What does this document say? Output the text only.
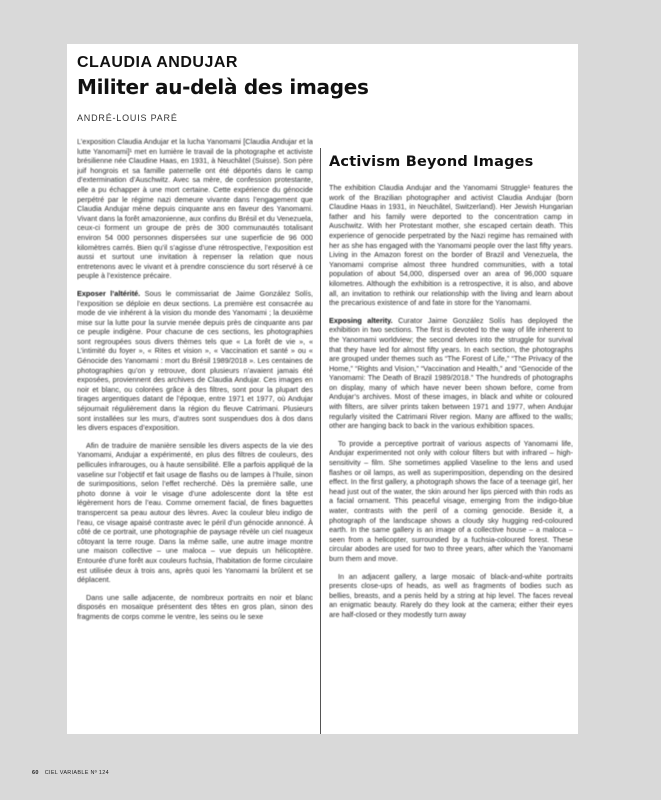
CLAUDIA ANDUJAR
Militer au-delà des images
ANDRÉ-LOUIS PARÉ

L’exposition Claudia Andujar et la lucha Yanomami [Claudia Andujar et la lutte Yanomami]¹ met en lumière le travail de la photographe et activiste brésilienne née Claudine Haas, en 1931, à Neuchâtel (Suisse). Son père juif hongrois et sa famille paternelle ont été déportés dans le camp d’extermination d’Auschwitz. Avec sa mère, de confession protestante, elle a pu échapper à une mort certaine. Cette expérience du génocide perpétré par le régime nazi demeure vivante dans l’engagement que Claudia Andujar mène depuis cinquante ans en faveur des Yanomami. Vivant dans la forêt amazonienne, aux confins du Brésil et du Venezuela, ceux-ci forment un groupe de près de 300 communautés totalisant environ 54 000 personnes dispersées sur une superficie de 96 000 kilomètres carrés. Bien qu’il s’agisse d’une rétrospective, l’exposition est aussi et surtout une invitation à repenser la relation que nous entretenons avec le vivant et à prendre conscience du sort réservé à ce peuple à l’existence précaire.

Exposer l’altérité. Sous le commissariat de Jaime González Solís, l’exposition se déploie en deux sections. La première est consacrée au mode de vie inhérent à la vision du monde des Yanomami ; la deuxième mise sur la lutte pour la survie menée depuis près de cinquante ans par ce peuple indigène. Pour chacune de ces sections, les photographies sont regroupées sous divers thèmes tels que « La forêt de vie », « L’intimité du foyer », « Rites et vision », « Vaccination et santé » ou « Génocide des Yanomami : mort du Brésil 1989/2018 ». Les centaines de photographies qu’on y retrouve, dont plusieurs n’avaient jamais été exposées, proviennent des archives de Claudia Andujar. Ces images en noir et blanc, ou colorées grâce à des filtres, sont pour la plupart des tirages argentiques datant de l’époque, entre 1971 et 1977, où Andujar séjournait régulièrement dans la région du fleuve Catrimani. Plusieurs sont installées sur les murs, d’autres sont suspendues dos à dos dans les divers espaces d’exposition.

Afin de traduire de manière sensible les divers aspects de la vie des Yanomami, Andujar a expérimenté, en plus des filtres de couleurs, des pellicules infrarouges, ou à haute sensibilité. Elle a parfois appliqué de la vaseline sur l’objectif et fait usage de flashs ou de lampes à l’huile, sinon de surimpositions, selon l’effet recherché. Dès la première salle, une photo donne à voir le visage d’une adolescente dont la tête est légèrement hors de l’eau. Comme ornement facial, de fines baguettes transpercent sa peau autour des lèvres. Avec la couleur bleu indigo de l’eau, ce visage apaisé contraste avec le péril d’un génocide annoncé. À côté de ce portrait, une photographie de paysage révèle un ciel nuageux côtoyant la terre rouge. Dans la même salle, une autre image montre une maison collective – une maloca – vue depuis un hélicoptère. Entourée d’une forêt aux couleurs fuchsia, l’habitation de forme circulaire est utilisée deux à trois ans, après quoi les Yanomami la brûlent et se déplacent.

Dans une salle adjacente, de nombreux portraits en noir et blanc disposés en mosaïque présentent des têtes en gros plan, sinon des fragments de corps comme le ventre, les seins ou le sexe

Activism Beyond Images

The exhibition Claudia Andujar and the Yanomami Struggle¹ features the work of the Brazilian photographer and activist Claudia Andujar (born Claudine Haas in 1931, in Neuchâtel, Switzerland). Her Jewish Hungarian father and his family were deported to the concentration camp in Auschwitz. With her Protestant mother, she escaped certain death. This experience of genocide perpetrated by the Nazi regime has remained with her as she has engaged with the Yanomami people over the last fifty years. Living in the Amazon forest on the border of Brazil and Venezuela, the Yanomami comprise almost three hundred communities, with a total population of about 54,000, dispersed over an area of 96,000 square kilometres. Although the exhibition is a retrospective, it is also, and above all, an invitation to rethink our relationship with the living and learn about the precarious existence of and fate in store for the Yanomami.

Exposing alterity. Curator Jaime González Solís has deployed the exhibition in two sections. The first is devoted to the way of life inherent to the Yanomami worldview; the second delves into the struggle for survival that they have led for almost fifty years. In each section, the photographs are grouped under themes such as “The Forest of Life,” “The Privacy of the Home,” “Rights and Vision,” “Vaccination and Health,” and “Genocide of the Yanomami: The Death of Brazil 1989/2018.” The hundreds of photographs on display, many of which have never been shown before, come from Andujar’s archives. Most of these images, in black and white or coloured with filters, are silver prints taken between 1971 and 1977, when Andujar regularly visited the Catrimani River region. Many are affixed to the walls; other are hanging back to back in the various exhibition spaces.

To provide a perceptive portrait of various aspects of Yanomami life, Andujar experimented not only with colour filters but with infrared – high-sensitivity – film. She sometimes applied Vaseline to the lens and used flashes or oil lamps, as well as superimposition, depending on the desired effect. In the first gallery, a photograph shows the face of a teenage girl, her head just out of the water, the skin around her lips pierced with thin rods as a facial ornament. This peaceful visage, emerging from the indigo-blue water, contrasts with the peril of a coming genocide. Beside it, a photograph of the landscape shows a cloudy sky hugging red-coloured earth. In the same gallery is an image of a collective house – a maloca – seen from a helicopter, surrounded by a fuchsia-coloured forest. These circular abodes are used for two to three years, after which the Yanomami burn them and move.

In an adjacent gallery, a large mosaic of black-and-white portraits presents close-ups of heads, as well as fragments of bodies such as bellies, breasts, and a penis held by a string at hip level. The faces reveal an enigmatic beauty. Rarely do they look at the camera; either their eyes are half-closed or they modestly turn away

60 CIEL VARIABLE Nº 124
